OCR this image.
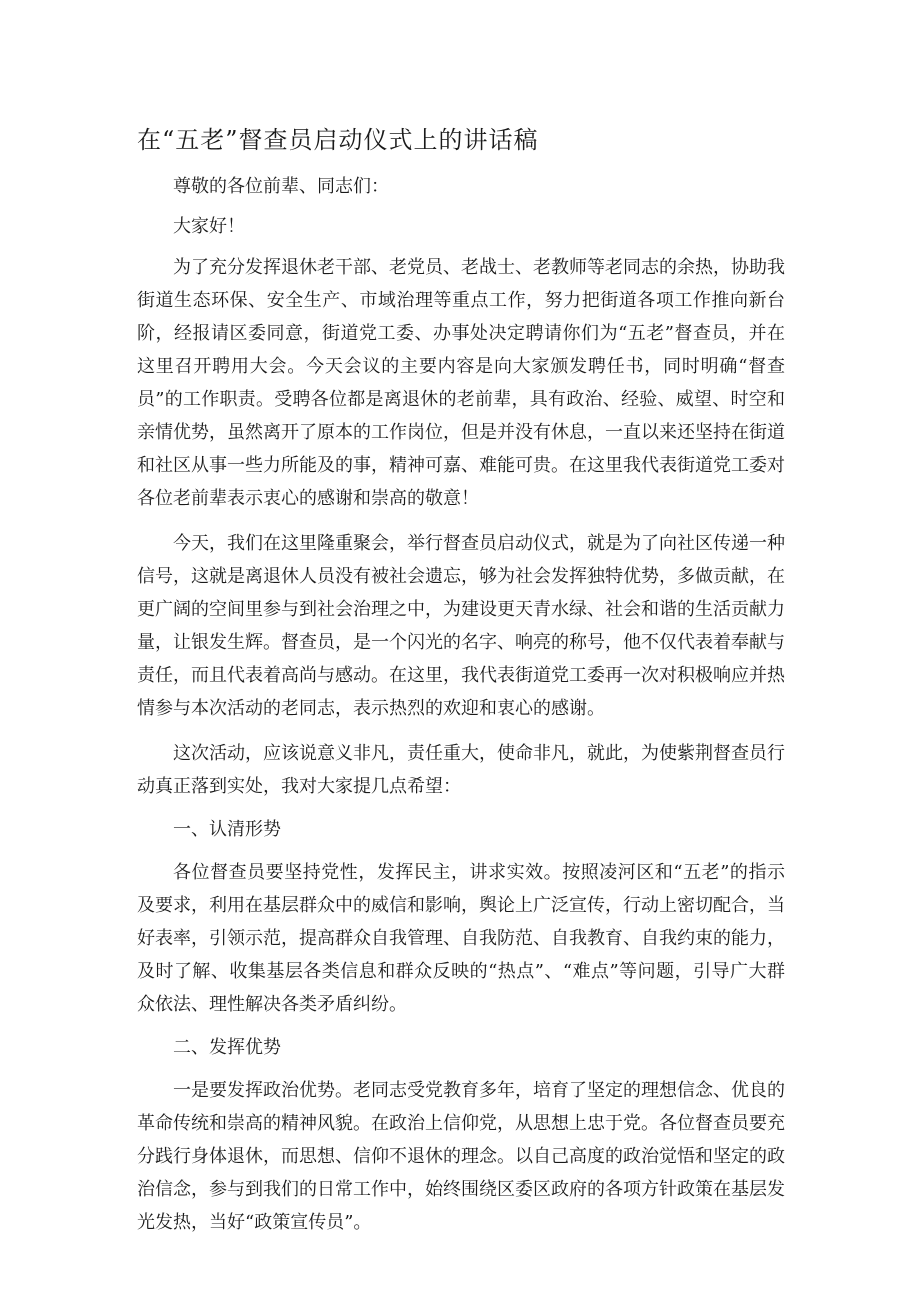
在“五老”督查员启动仪式上的讲话稿

尊敬的各位前辈、同志们：

大家好！

为了充分发挥退休老干部、老党员、老战士、老教师等老同志的余热，协助我街道生态环保、安全生产、市域治理等重点工作，努力把街道各项工作推向新台阶，经报请区委同意，街道党工委、办事处决定聘请你们为“五老”督查员，并在这里召开聘用大会。今天会议的主要内容是向大家颁发聘任书，同时明确“督查员”的工作职责。受聘各位都是离退休的老前辈，具有政治、经验、威望、时空和亲情优势，虽然离开了原本的工作岗位，但是并没有休息，一直以来还坚持在街道和社区从事一些力所能及的事，精神可嘉、难能可贵。在这里我代表街道党工委对各位老前辈表示衷心的感谢和崇高的敬意！

今天，我们在这里隆重聚会，举行督查员启动仪式，就是为了向社区传递一种信号，这就是离退休人员没有被社会遗忘，够为社会发挥独特优势，多做贡献，在更广阔的空间里参与到社会治理之中，为建设更天青水绿、社会和谐的生活贡献力量，让银发生辉。督查员，是一个闪光的名字、响亮的称号，他不仅代表着奉献与责任，而且代表着高尚与感动。在这里，我代表街道党工委再一次对积极响应并热情参与本次活动的老同志，表示热烈的欢迎和衷心的感谢。

这次活动，应该说意义非凡，责任重大，使命非凡，就此，为使紫荆督查员行动真正落到实处，我对大家提几点希望：

一、认清形势

各位督查员要坚持党性，发挥民主，讲求实效。按照凌河区和“五老”的指示及要求，利用在基层群众中的威信和影响，舆论上广泛宣传，行动上密切配合，当好表率，引领示范，提高群众自我管理、自我防范、自我教育、自我约束的能力，及时了解、收集基层各类信息和群众反映的“热点”、“难点”等问题，引导广大群众依法、理性解决各类矛盾纠纷。

二、发挥优势

一是要发挥政治优势。老同志受党教育多年，培育了坚定的理想信念、优良的革命传统和崇高的精神风貌。在政治上信仰党，从思想上忠于党。各位督查员要充分践行身体退休，而思想、信仰不退休的理念。以自己高度的政治觉悟和坚定的政治信念，参与到我们的日常工作中，始终围绕区委区政府的各项方针政策在基层发光发热，当好“政策宣传员”。
